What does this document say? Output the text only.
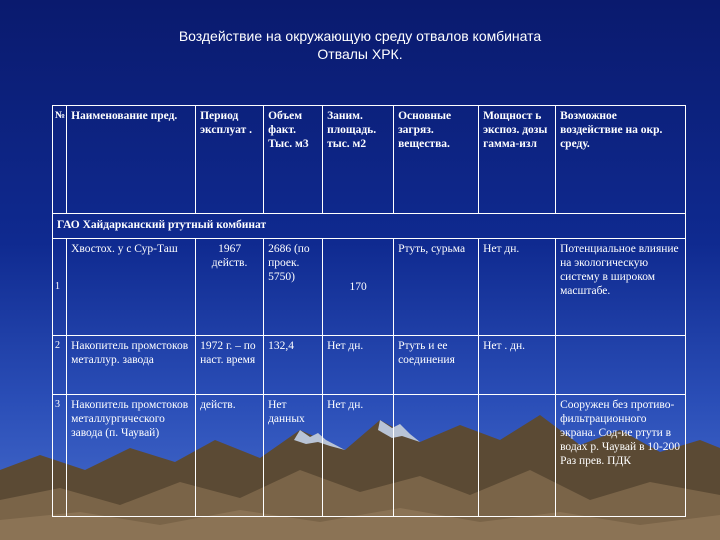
Воздействие на окружающую среду отвалов комбината
Отвалы ХРК.
№	Наименование пред.	Период эксплуат .	Объем факт. Тыс. м3	Заним. площадь. тыс. м2	Основные загряз. вещества.	Мощност ь экспоз. дозы гамма-изл	Возможное воздействие на окр. среду.
ГАО Хайдарканский ртутный комбинат							
1	Хвостох. у с Сур-Таш	1967 действ.	2686 (по проек. 5750)	170	Ртуть, сурьма	Нет дн.	Потенциальное влияние на экологическую систему в широком масштабе.
2	Накопитель промстоков металлур. завода	1972 г. – по наст. время	132,4	Нет дн.	Ртуть и ее соединения	Нет . дн.	
3	Накопитель промстоков металлургического завода (п. Чаувай)	действ.	Нет данных	Нет дн.			Сооружен без противо-фильтрационного экрана. Сод-ие ртути в водах р. Чаувай в 10-200 Раз прев. ПДК
